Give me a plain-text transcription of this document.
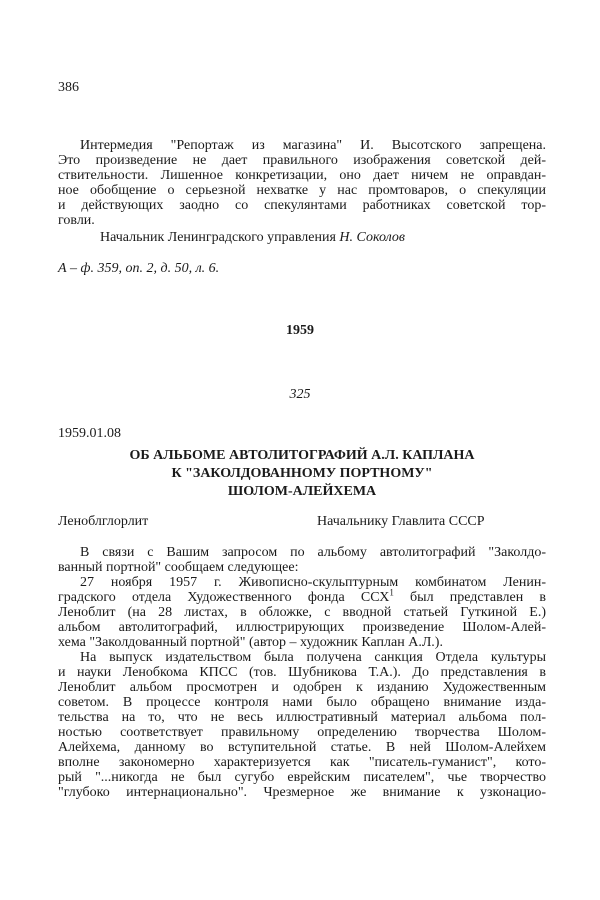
386
Интермедия "Репортаж из магазина" И. Высотского запрещена.
Это произведение не дает правильного изображения советской дей-
ствительности. Лишенное конкретизации, оно дает ничем не оправдан-
ное обобщение о серьезной нехватке у нас промтоваров, о спекуляции
и действующих заодно со спекулянтами работниках советской тор-
говли.
Начальник Ленинградского управления Н. Соколов
А – ф. 359, оп. 2, д. 50, л. 6.
1959
325
1959.01.08
ОБ АЛЬБОМЕ АВТОЛИТОГРАФИЙ А.Л. КАПЛАНА
К "ЗАКОЛДОВАННОМУ ПОРТНОМУ"
ШОЛОМ-АЛЕЙХЕМА
Леноблглорлит	Начальнику Главлита СССР
В связи с Вашим запросом по альбому автолитографий "Заколдо-
ванный портной" сообщаем следующее:
27 ноября 1957 г. Живописно-скульптурным комбинатом Ленин-
градского отдела Художественного фонда ССХ$^1$ был представлен в
Леноблит (на 28 листах, в обложке, с вводной статьей Гуткиной Е.)
альбом автолитографий, иллюстрирующих произведение Шолом-Алей-
хема "Заколдованный портной" (автор – художник Каплан А.Л.).
На выпуск издательством была получена санкция Отдела культуры
и науки Ленобкома КПСС (тов. Шубникова Т.А.). До представления в
Леноблит альбом просмотрен и одобрен к изданию Художественным
советом. В процессе контроля нами было обращено внимание изда-
тельства на то, что не весь иллюстративный материал альбома пол-
ностью соответствует правильному определению творчества Шолом-
Алейхема, данному во вступительной статье. В ней Шолом-Алейхем
вполне закономерно характеризуется как "писатель-гуманист", кото-
рый "...никогда не был сугубо еврейским писателем", чье творчество
"глубоко интернационально". Чрезмерное же внимание к узконацио-
